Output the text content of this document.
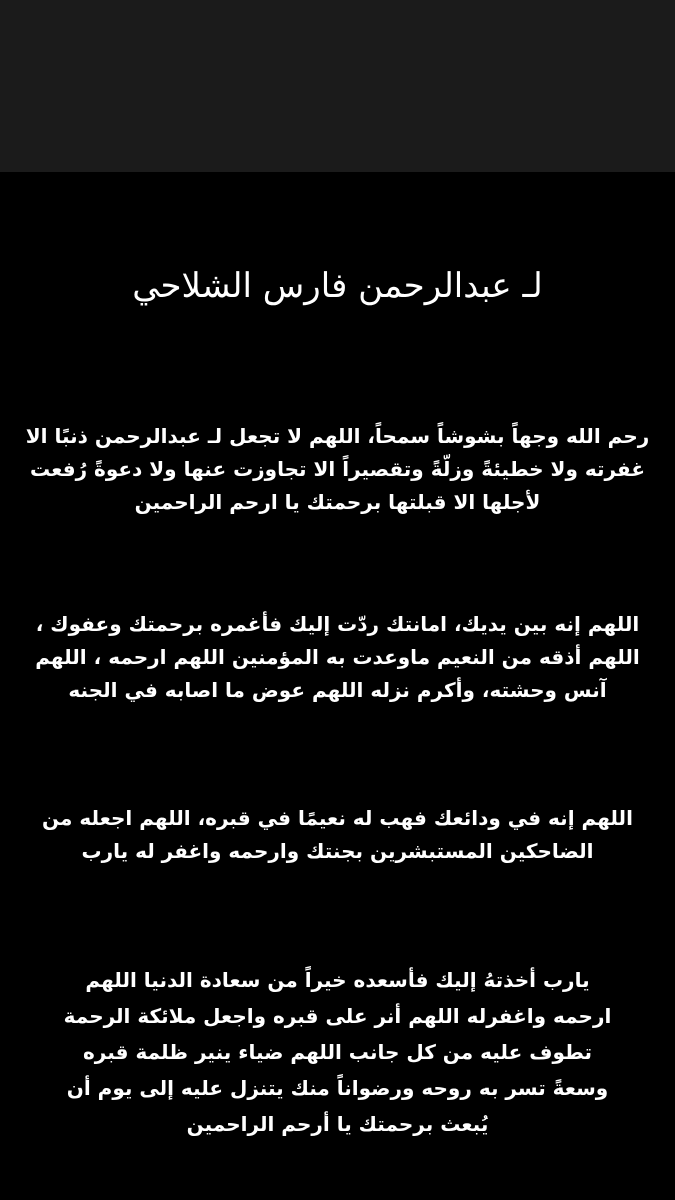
لـ عبدالرحمن فارس الشلاحي

رحم الله وجهاً بشوشاً سمحاً، اللهم لا تجعل لـ عبدالرحمن ذنبًا الا
غفرته ولا خطيئةً وزلّةً وتقصيراً الا تجاوزت عنها ولا دعوةً رُفعت
لأجلها الا قبلتها برحمتك يا ارحم الراحمين

اللهم إنه بين يديك، امانتك ردّت إليك فأغمره برحمتك وعفوك ،
اللهم أذقه من النعيم ماوعدت به المؤمنين اللهم ارحمه ، اللهم
آنس وحشته، وأكرم نزله اللهم عوض ما اصابه في الجنه

اللهم إنه في ودائعك فهب له نعيمًا في قبره، اللهم اجعله من
الضاحكين المستبشرين بجنتك وارحمه واغفر له يارب

يارب أخذتهُ إليك فأسعده خيراً من سعادة الدنيا اللهم
ارحمه واغفرله اللهم أنر على قبره واجعل ملائكة الرحمة
تطوف عليه من كل جانب اللهم ضياء ينير ظلمة قبره
وسعةً تسر به روحه ورضواناً منك يتنزل عليه إلى يوم أن
يُبعث برحمتك يا أرحم الراحمين
